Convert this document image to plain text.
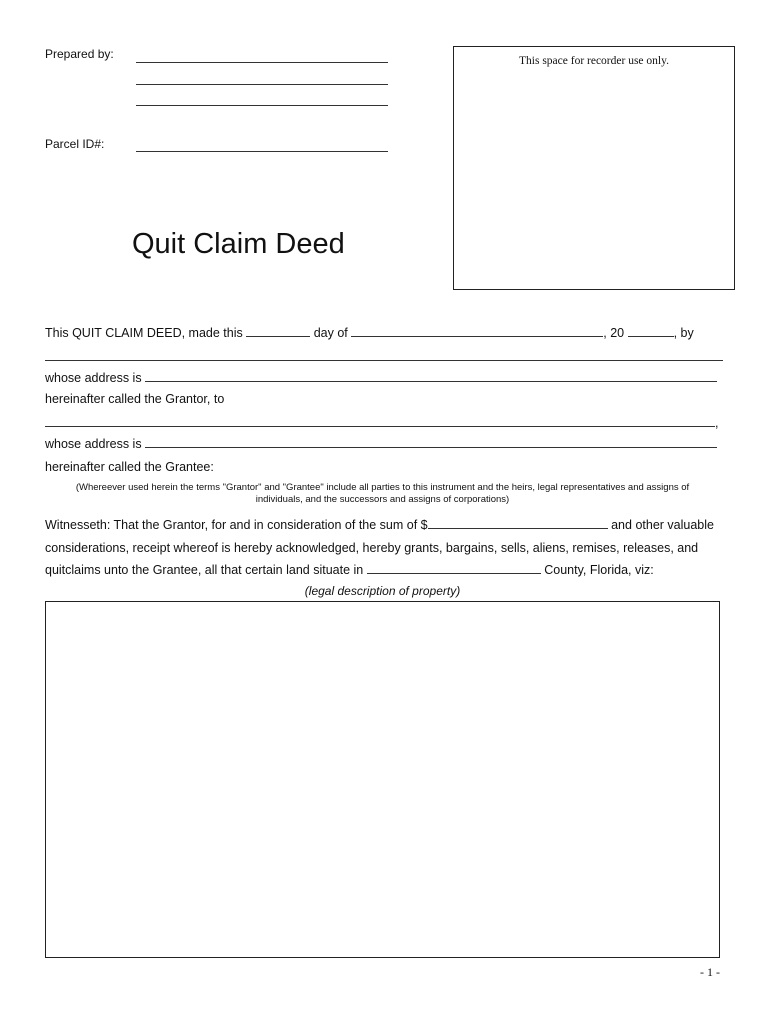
Prepared by:
Parcel ID#:
This space for recorder use only.
Quit Claim Deed
This QUIT CLAIM DEED, made this	day of	, 20	, by
whose address is
hereinafter called the Grantor, to
,
whose address is
hereinafter called the Grantee:
(Whereever used herein the terms "Grantor" and "Grantee" include all parties to this instrument and the heirs, legal representatives and assigns of
individuals, and the successors and assigns of corporations)
Witnesseth: That the Grantor, for and in consideration of the sum of $	and other valuable
considerations, receipt whereof is hereby acknowledged, hereby grants, bargains, sells, aliens, remises, releases, and
quitclaims unto the Grantee, all that certain land situate in	County, Florida, viz:
(legal description of property)
- 1 -
